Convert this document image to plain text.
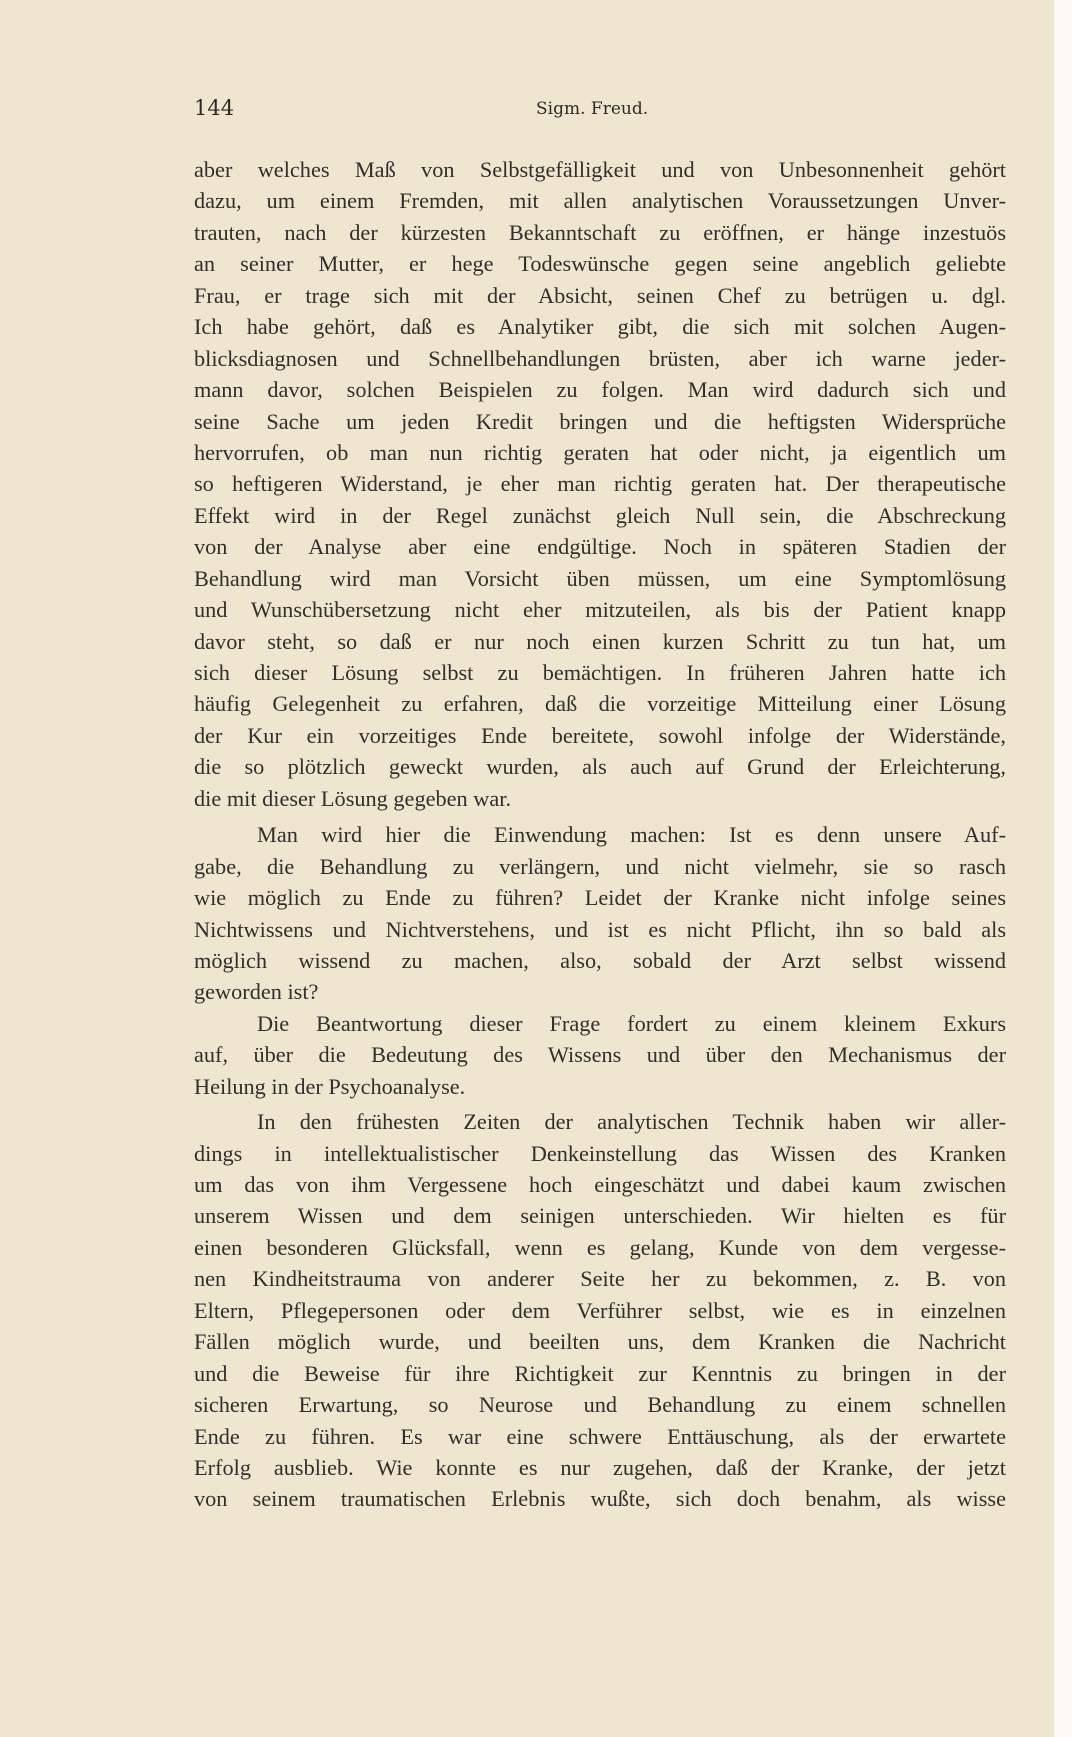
144	Sigm. Freud.
aber welches Maß von Selbstgefälligkeit und von Unbesonnenheit gehört
dazu, um einem Fremden, mit allen analytischen Voraussetzungen Unver-
trauten, nach der kürzesten Bekanntschaft zu eröffnen, er hänge inzestuös
an seiner Mutter, er hege Todeswünsche gegen seine angeblich geliebte
Frau, er trage sich mit der Absicht, seinen Chef zu betrügen u. dgl.
Ich habe gehört, daß es Analytiker gibt, die sich mit solchen Augen-
blicksdiagnosen und Schnellbehandlungen brüsten, aber ich warne jeder-
mann davor, solchen Beispielen zu folgen. Man wird dadurch sich und
seine Sache um jeden Kredit bringen und die heftigsten Widersprüche
hervorrufen, ob man nun richtig geraten hat oder nicht, ja eigentlich um
so heftigeren Widerstand, je eher man richtig geraten hat. Der therapeutische
Effekt wird in der Regel zunächst gleich Null sein, die Abschreckung
von der Analyse aber eine endgültige. Noch in späteren Stadien der
Behandlung wird man Vorsicht üben müssen, um eine Symptomlösung
und Wunschübersetzung nicht eher mitzuteilen, als bis der Patient knapp
davor steht, so daß er nur noch einen kurzen Schritt zu tun hat, um
sich dieser Lösung selbst zu bemächtigen. In früheren Jahren hatte ich
häufig Gelegenheit zu erfahren, daß die vorzeitige Mitteilung einer Lösung
der Kur ein vorzeitiges Ende bereitete, sowohl infolge der Widerstände,
die so plötzlich geweckt wurden, als auch auf Grund der Erleichterung,
die mit dieser Lösung gegeben war.
Man wird hier die Einwendung machen: Ist es denn unsere Auf-
gabe, die Behandlung zu verlängern, und nicht vielmehr, sie so rasch
wie möglich zu Ende zu führen? Leidet der Kranke nicht infolge seines
Nichtwissens und Nichtverstehens, und ist es nicht Pflicht, ihn so bald als
möglich wissend zu machen, also, sobald der Arzt selbst wissend
geworden ist?
Die Beantwortung dieser Frage fordert zu einem kleinem Exkurs
auf, über die Bedeutung des Wissens und über den Mechanismus der
Heilung in der Psychoanalyse.
In den frühesten Zeiten der analytischen Technik haben wir aller-
dings in intellektualistischer Denkeinstellung das Wissen des Kranken
um das von ihm Vergessene hoch eingeschätzt und dabei kaum zwischen
unserem Wissen und dem seinigen unterschieden. Wir hielten es für
einen besonderen Glücksfall, wenn es gelang, Kunde von dem vergesse-
nen Kindheitstrauma von anderer Seite her zu bekommen, z. B. von
Eltern, Pflegepersonen oder dem Verführer selbst, wie es in einzelnen
Fällen möglich wurde, und beeilten uns, dem Kranken die Nachricht
und die Beweise für ihre Richtigkeit zur Kenntnis zu bringen in der
sicheren Erwartung, so Neurose und Behandlung zu einem schnellen
Ende zu führen. Es war eine schwere Enttäuschung, als der erwartete
Erfolg ausblieb. Wie konnte es nur zugehen, daß der Kranke, der jetzt
von seinem traumatischen Erlebnis wußte, sich doch benahm, als wisse
